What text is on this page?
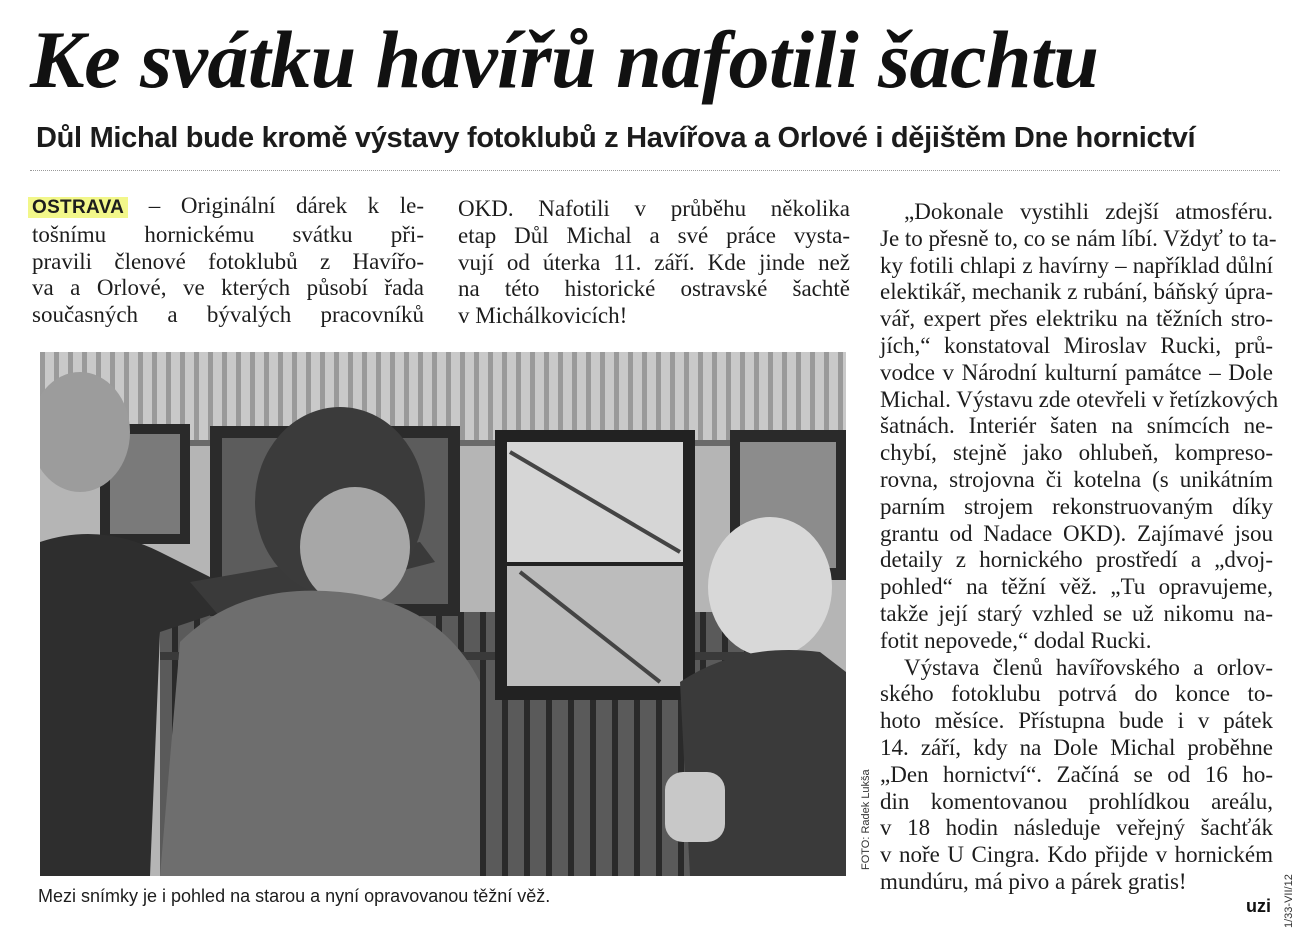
Ke svátku havířů nafotili šachtu
Důl Michal bude kromě výstavy fotoklubů z Havířova a Orlové i dějištěm Dne hornictví
OSTRAVA – Originální dárek k le-
tošnímu hornickému svátku při-
pravili členové fotoklubů z Havířo-
va a Orlové, ve kterých působí řada
současných a bývalých pracovníků
OKD. Nafotili v průběhu několika
etap Důl Michal a své práce vysta-
vují od úterka 11. září. Kde jinde než
na této historické ostravské šachtě
v Michálkovicích!
„Dokonale vystihli zdejší atmosféru.
Je to přesně to, co se nám líbí. Vždyť to ta-
ky fotili chlapi z havírny – například důlní
elektikář, mechanik z rubání, báňský úpra-
vář, expert přes elektriku na těžních stro-
jích,“ konstatoval Miroslav Rucki, prů-
vodce v Národní kulturní památce – Dole
Michal. Výstavu zde otevřeli v řetízkových
šatnách. Interiér šaten na snímcích ne-
chybí, stejně jako ohlubeň, kompreso-
rovna, strojovna či kotelna (s unikátním
parním strojem rekonstruovaným díky
grantu od Nadace OKD). Zajímavé jsou
detaily z hornického prostředí a „dvoj-
pohled“ na těžní věž. „Tu opravujeme,
takže její starý vzhled se už nikomu na-
fotit nepovede,“ dodal Rucki.
Výstava členů havířovského a orlov-
ského fotoklubu potrvá do konce to-
hoto měsíce. Přístupna bude i v pátek
14. září, kdy na Dole Michal proběhne
„Den hornictví“. Začíná se od 16 ho-
din komentovanou prohlídkou areálu,
v 18 hodin následuje veřejný šachťák
v noře U Cingra. Kdo přijde v hornickém
mundúru, má pivo a párek gratis!
Mezi snímky je i pohled na starou a nyní opravovanou těžní věž.
FOTO: Radek Lukša
uzi 1/33-VII/12
